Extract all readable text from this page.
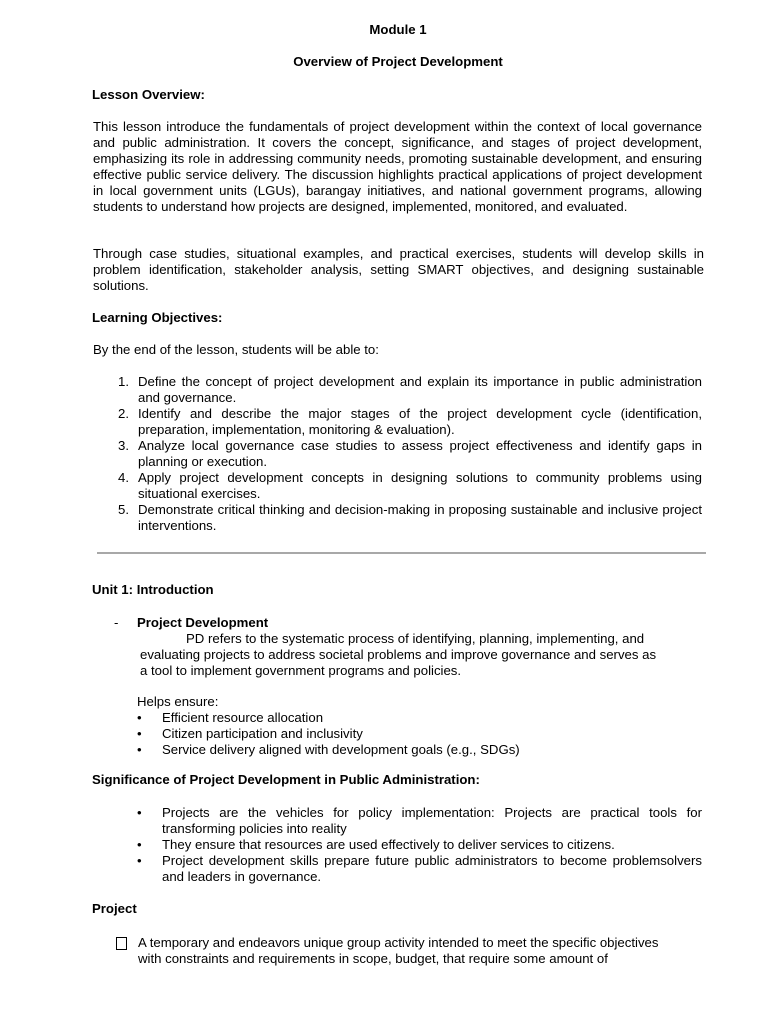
Module 1
Overview of Project Development
Lesson Overview:
This lesson introduce the fundamentals of project development within the context of local governance and public administration. It covers the concept, significance, and stages of project development, emphasizing its role in addressing community needs, promoting sustainable development, and ensuring effective public service delivery. The discussion highlights practical applications of project development in local government units (LGUs), barangay initiatives, and national government programs, allowing students to understand how projects are designed, implemented, monitored, and evaluated.
Through case studies, situational examples, and practical exercises, students will develop skills in problem identification, stakeholder analysis, setting SMART objectives, and designing sustainable solutions.
Learning Objectives:
By the end of the lesson, students will be able to:
1. Define the concept of project development and explain its importance in public administration and governance.
2. Identify and describe the major stages of the project development cycle (identification, preparation, implementation, monitoring & evaluation).
3. Analyze local governance case studies to assess project effectiveness and identify gaps in planning or execution.
4. Apply project development concepts in designing solutions to community problems using situational exercises.
5. Demonstrate critical thinking and decision-making in proposing sustainable and inclusive project interventions.
Unit 1: Introduction
- Project Development
PD refers to the systematic process of identifying, planning, implementing, and
evaluating projects to address societal problems and improve governance and serves as
a tool to implement government programs and policies.
Helps ensure:
• Efficient resource allocation
• Citizen participation and inclusivity
• Service delivery aligned with development goals (e.g., SDGs)
Significance of Project Development in Public Administration:
• Projects are the vehicles for policy implementation: Projects are practical tools for transforming policies into reality
• They ensure that resources are used effectively to deliver services to citizens.
• Project development skills prepare future public administrators to become problemsolvers and leaders in governance.
Project
A temporary and endeavors unique group activity intended to meet the specific objectives
with constraints and requirements in scope, budget, that require some amount of
